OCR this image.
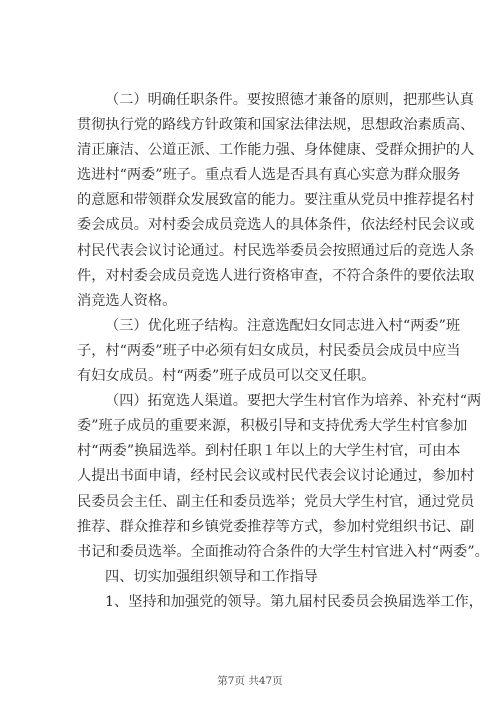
（二）明确任职条件。要按照德才兼备的原则，把那些认真
贯彻执行党的路线方针政策和国家法律法规，思想政治素质高、
清正廉洁、公道正派、工作能力强、身体健康、受群众拥护的人
选进村“两委”班子。重点看人选是否具有真心实意为群众服务
的意愿和带领群众发展致富的能力。要注重从党员中推荐提名村
委会成员。对村委会成员竞选人的具体条件，依法经村民会议或
村民代表会议讨论通过。村民选举委员会按照通过后的竞选人条
件，对村委会成员竞选人进行资格审查，不符合条件的要依法取
消竞选人资格。
（三）优化班子结构。注意选配妇女同志进入村“两委”班
子，村“两委”班子中必须有妇女成员，村民委员会成员中应当
有妇女成员。村“两委”班子成员可以交叉任职。
（四）拓宽选人渠道。要把大学生村官作为培养、补充村“两
委”班子成员的重要来源，积极引导和支持优秀大学生村官参加
村“两委”换届选举。到村任职１年以上的大学生村官，可由本
人提出书面申请，经村民会议或村民代表会议讨论通过，参加村
民委员会主任、副主任和委员选举；党员大学生村官，通过党员
推荐、群众推荐和乡镇党委推荐等方式，参加村党组织书记、副
书记和委员选举。全面推动符合条件的大学生村官进入村“两委”。
四、切实加强组织领导和工作指导
1、坚持和加强党的领导。第九届村民委员会换届选举工作，
第7页 共47页
